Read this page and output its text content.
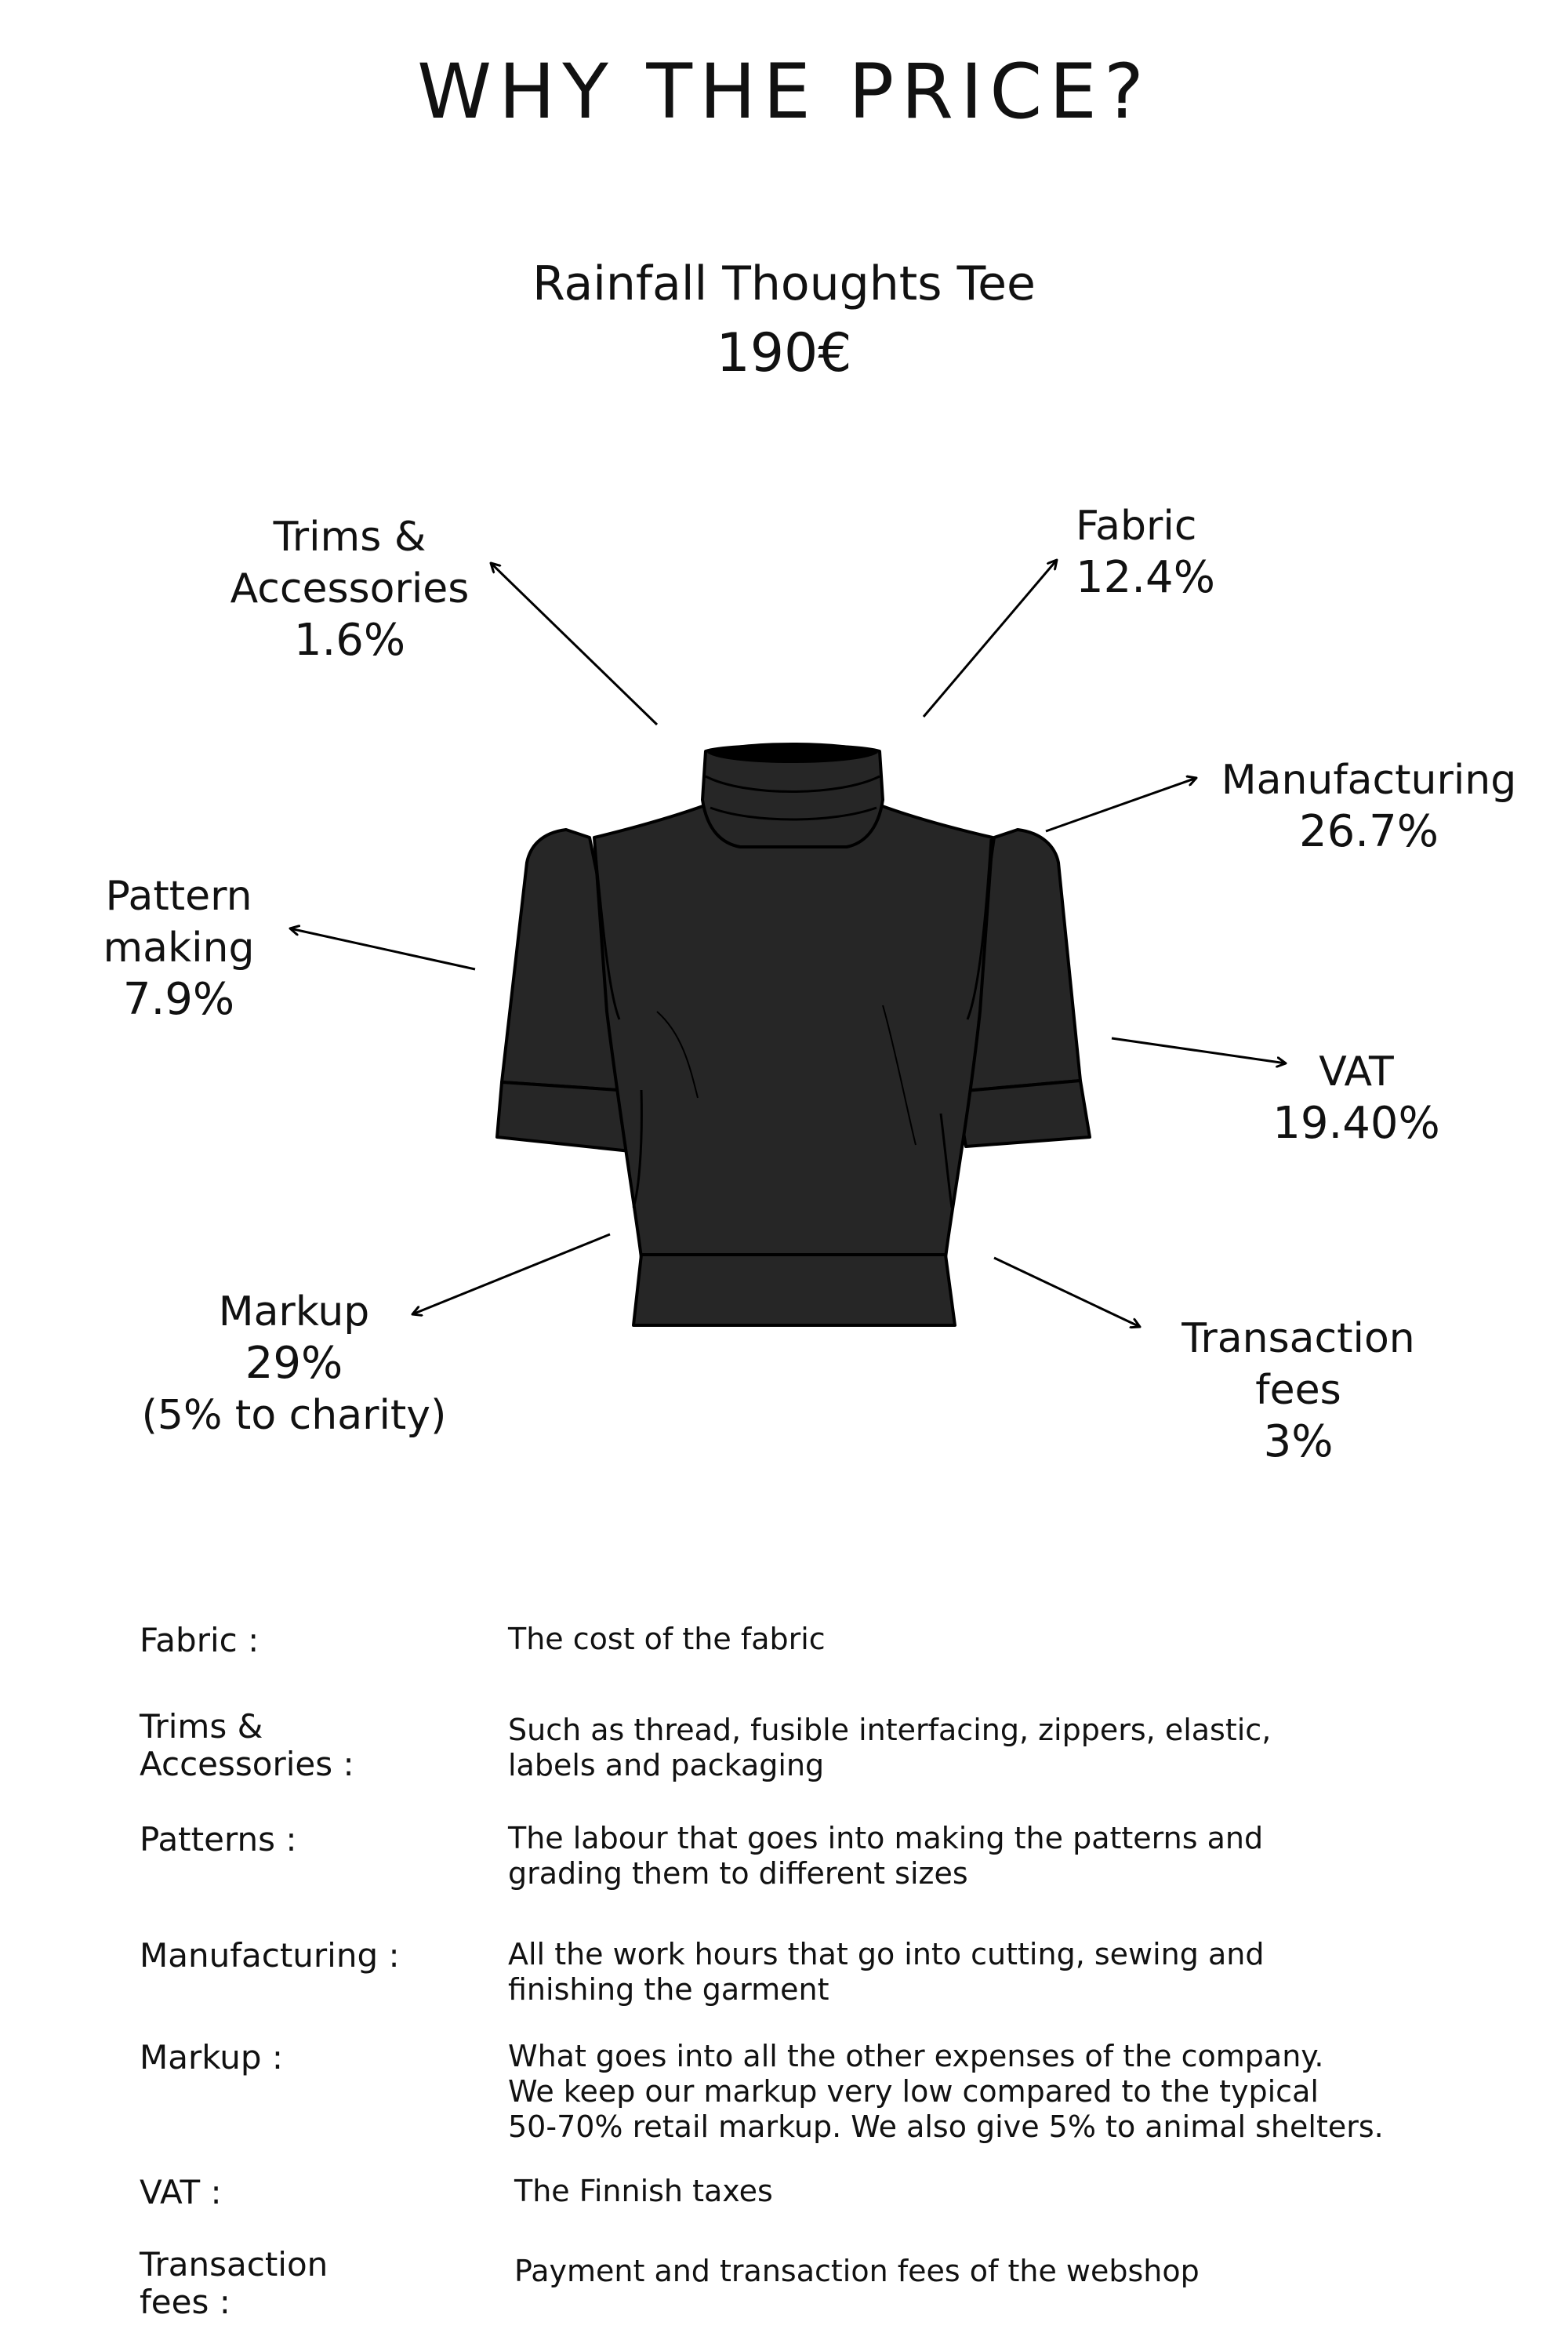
WHY THE PRICE?
Rainfall Thoughts Tee
190€
Trims &
Accessories
1.6%
Fabric
12.4%
Manufacturing
26.7%
Pattern
making
7.9%
VAT
19.40%
Markup
29%
(5% to charity)
Transaction
fees
3%
Fabric :	The cost of the fabric
Trims &
Accessories :
Such as thread, fusible interfacing, zippers, elastic,
labels and packaging
Patterns :	The labour that goes into making the patterns and
grading them to different sizes
Manufacturing :	All the work hours that go into cutting, sewing and
finishing the garment
Markup :	What goes into all the other expenses of the company.
We keep our markup very low compared to the typical
50-70% retail markup. We also give 5% to animal shelters.
VAT :	The Finnish taxes
Transaction
fees :
Payment and transaction fees of the webshop
